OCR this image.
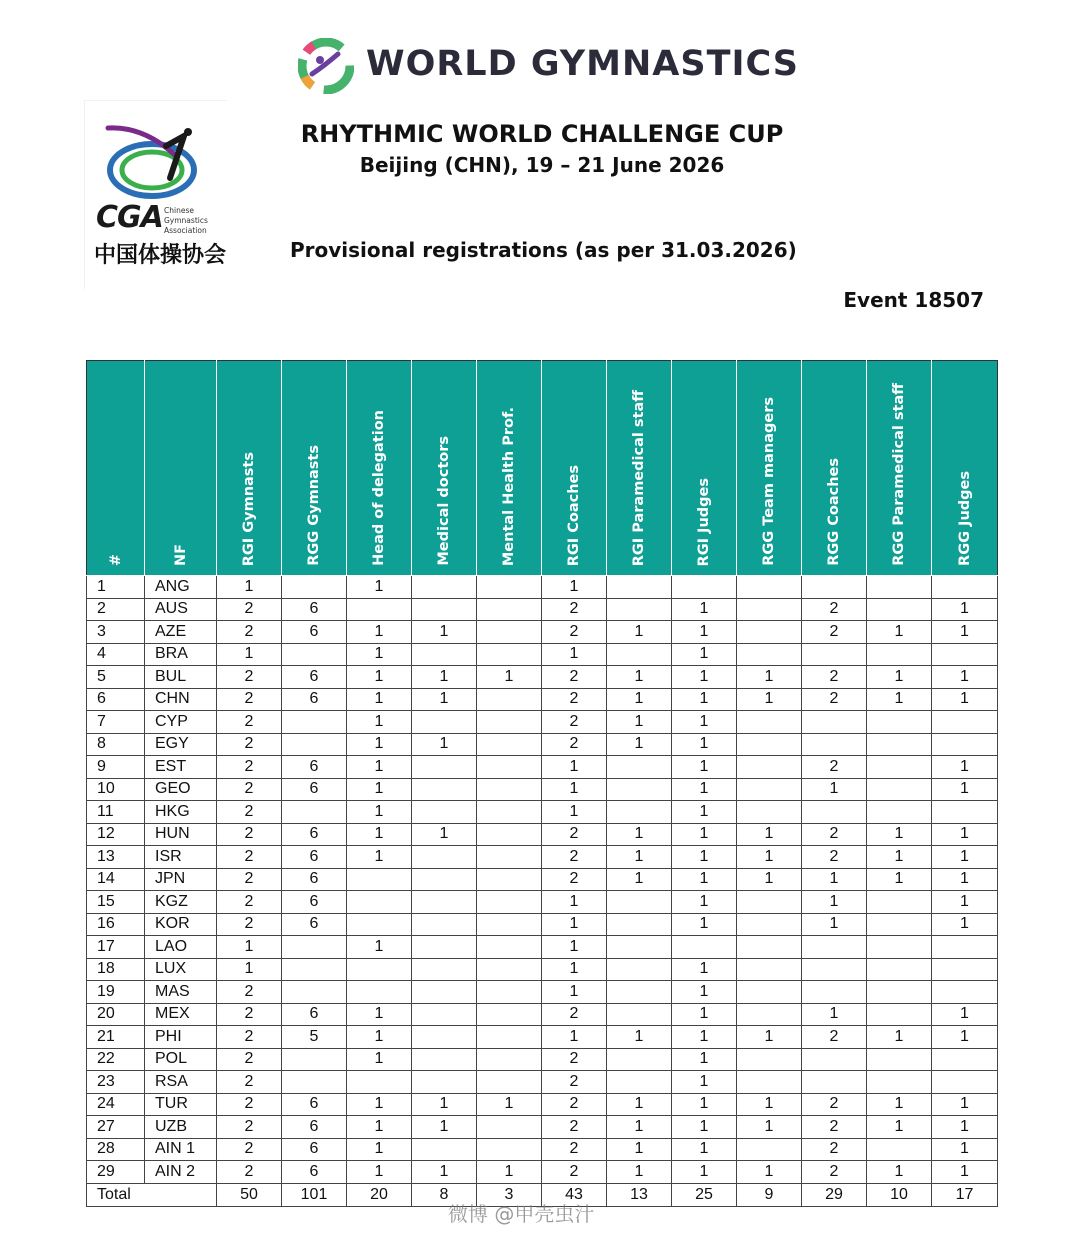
WORLD GYMNASTICS
CGA Chinese
Gymnastics
Association
中国体操协会
RHYTHMIC WORLD CHALLENGE CUP
Beijing (CHN), 19 – 21 June 2026
Provisional registrations (as per 31.03.2026)
Event 18507
#	NF	RGI Gymnasts	RGG Gymnasts	Head of delegation	Medical doctors	Mental Health Prof.	RGI Coaches	RGI Paramedical staff	RGI Judges	RGG Team managers	RGG Coaches	RGG Paramedical staff	RGG Judges
1	ANG	1		1			1						
2	AUS	2	6				2		1		2		1
3	AZE	2	6	1	1		2	1	1		2	1	1
4	BRA	1		1			1		1				
5	BUL	2	6	1	1	1	2	1	1	1	2	1	1
6	CHN	2	6	1	1		2	1	1	1	2	1	1
7	CYP	2		1			2	1	1				
8	EGY	2		1	1		2	1	1				
9	EST	2	6	1			1		1		2		1
10	GEO	2	6	1			1		1		1		1
11	HKG	2		1			1		1				
12	HUN	2	6	1	1		2	1	1	1	2	1	1
13	ISR	2	6	1			2	1	1	1	2	1	1
14	JPN	2	6				2	1	1	1	1	1	1
15	KGZ	2	6				1		1		1		1
16	KOR	2	6				1		1		1		1
17	LAO	1		1			1						
18	LUX	1					1		1				
19	MAS	2					1		1				
20	MEX	2	6	1			2		1		1		1
21	PHI	2	5	1			1	1	1	1	2	1	1
22	POL	2		1			2		1				
23	RSA	2					2		1				
24	TUR	2	6	1	1	1	2	1	1	1	2	1	1
27	UZB	2	6	1	1		2	1	1	1	2	1	1
28	AIN 1	2	6	1			2	1	1		2		1
29	AIN 2	2	6	1	1	1	2	1	1	1	2	1	1
Total		50	101	20	8	3	43	13	25	9	29	10	17
微博 @甲壳虫汁
